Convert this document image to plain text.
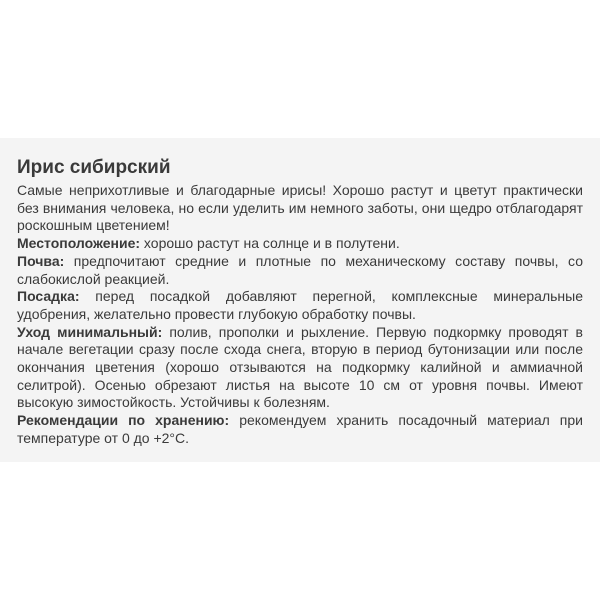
Ирис сибирский

Самые неприхотливые и благодарные ирисы! Хорошо растут и цветут практически без внимания человека, но если уделить им немного заботы, они щедро отблагодарят роскошным цветением!

Местоположение: хорошо растут на солнце и в полутени.

Почва: предпочитают средние и плотные по механическому составу почвы, со слабокислой реакцией.

Посадка: перед посадкой добавляют перегной, комплексные минеральные удобрения, желательно провести глубокую обработку почвы.

Уход минимальный: полив, прополки и рыхление. Первую подкормку проводят в начале вегетации сразу после схода снега, вторую в период бутонизации или после окончания цветения (хорошо отзываются на подкормку калийной и аммиачной селитрой). Осенью обрезают листья на высоте 10 см от уровня почвы. Имеют высокую зимостойкость. Устойчивы к болезням.

Рекомендации по хранению: рекомендуем хранить посадочный материал при температуре от 0 до +2°С.
